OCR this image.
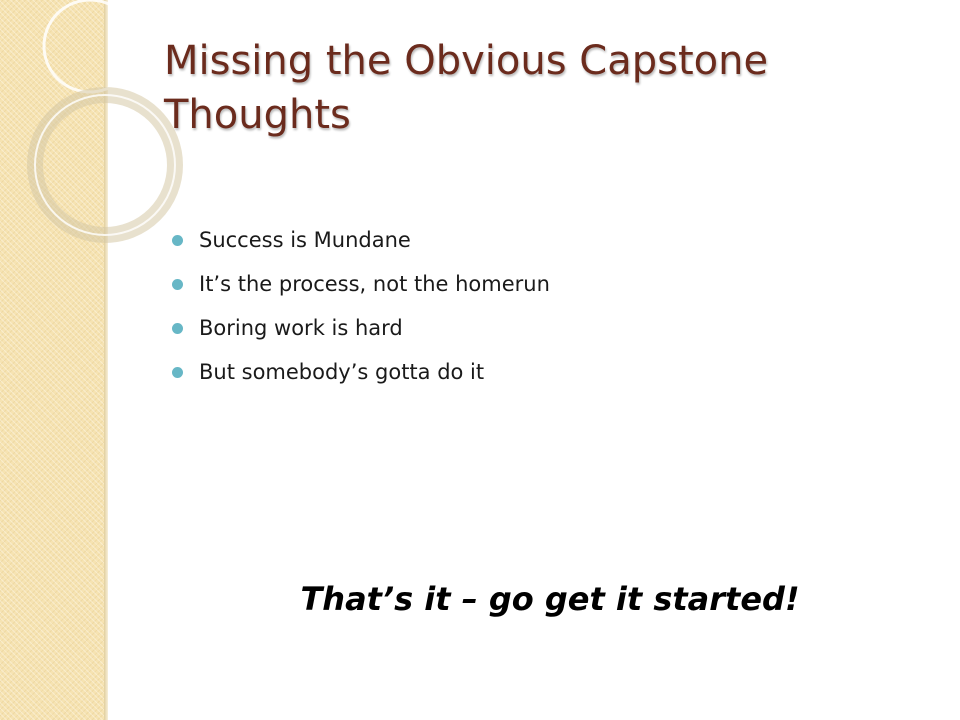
Missing the Obvious Capstone Thoughts
Success is Mundane
It’s the process, not the homerun
Boring work is hard
But somebody’s gotta do it

That’s it – go get it started!
